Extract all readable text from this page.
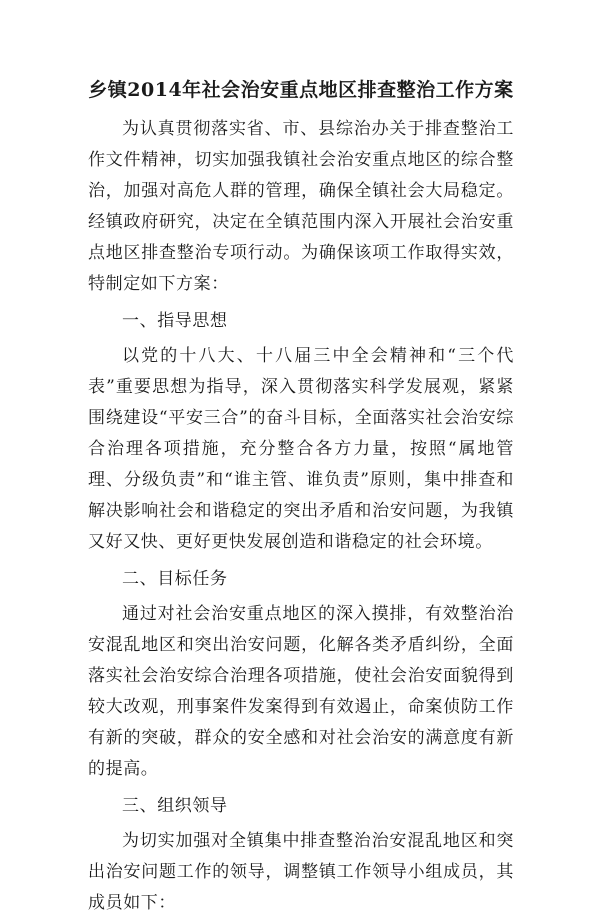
乡镇2014年社会治安重点地区排查整治工作方案

为认真贯彻落实省、市、县综治办关于排查整治工作文件精神，切实加强我镇社会治安重点地区的综合整治，加强对高危人群的管理，确保全镇社会大局稳定。经镇政府研究，决定在全镇范围内深入开展社会治安重点地区排查整治专项行动。为确保该项工作取得实效，特制定如下方案：

一、指导思想

以党的十八大、十八届三中全会精神和“三个代表”重要思想为指导，深入贯彻落实科学发展观，紧紧围绕建设“平安三合”的奋斗目标，全面落实社会治安综合治理各项措施，充分整合各方力量，按照“属地管理、分级负责”和“谁主管、谁负责”原则，集中排查和解决影响社会和谐稳定的突出矛盾和治安问题，为我镇又好又快、更好更快发展创造和谐稳定的社会环境。

二、目标任务

通过对社会治安重点地区的深入摸排，有效整治治安混乱地区和突出治安问题，化解各类矛盾纠纷，全面落实社会治安综合治理各项措施，使社会治安面貌得到较大改观，刑事案件发案得到有效遏止，命案侦防工作有新的突破，群众的安全感和对社会治安的满意度有新的提高。

三、组织领导

为切实加强对全镇集中排查整治治安混乱地区和突出治安问题工作的领导，调整镇工作领导小组成员，其成员如下：
